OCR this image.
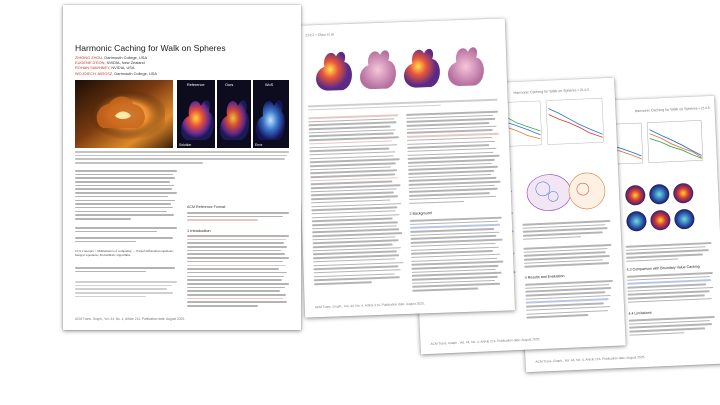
Harmonic Caching for Walk on Spheres • 214:5
4.3 Comparison with Boundary Value Caching
4.4 Limitations
ACM Trans. Graph., Vol. 44, No. 4, Article 214. Publication date: August 2025.
Harmonic Caching for Walk on Spheres • 214:3
4 Results and Evaluation
ACM Trans. Graph., Vol. 44, No. 4, Article 214. Publication date: August 2025.
214:2 • Zhou et al.
2 Background
ACM Trans. Graph., Vol. 44, No. 4, Article 214. Publication date: August 2025.
Harmonic Caching for Walk on Spheres
ZIHONG ZHOU, Dartmouth College, USA
EUGENE D'EON, NVIDIA, New Zealand
ROHAN SAWHNEY, NVIDIA, USA
WOJCIECH JAROSZ, Dartmouth College, USA
Reference	Ours	WoS
Solution	Error
ACM Reference Format:
1 Introduction
CCS Concepts: • Mathematics of computing → Partial differential equations; Integral equations; Probabilistic algorithms.
ACM Trans. Graph., Vol. 44, No. 4, Article 214. Publication date: August 2025.
